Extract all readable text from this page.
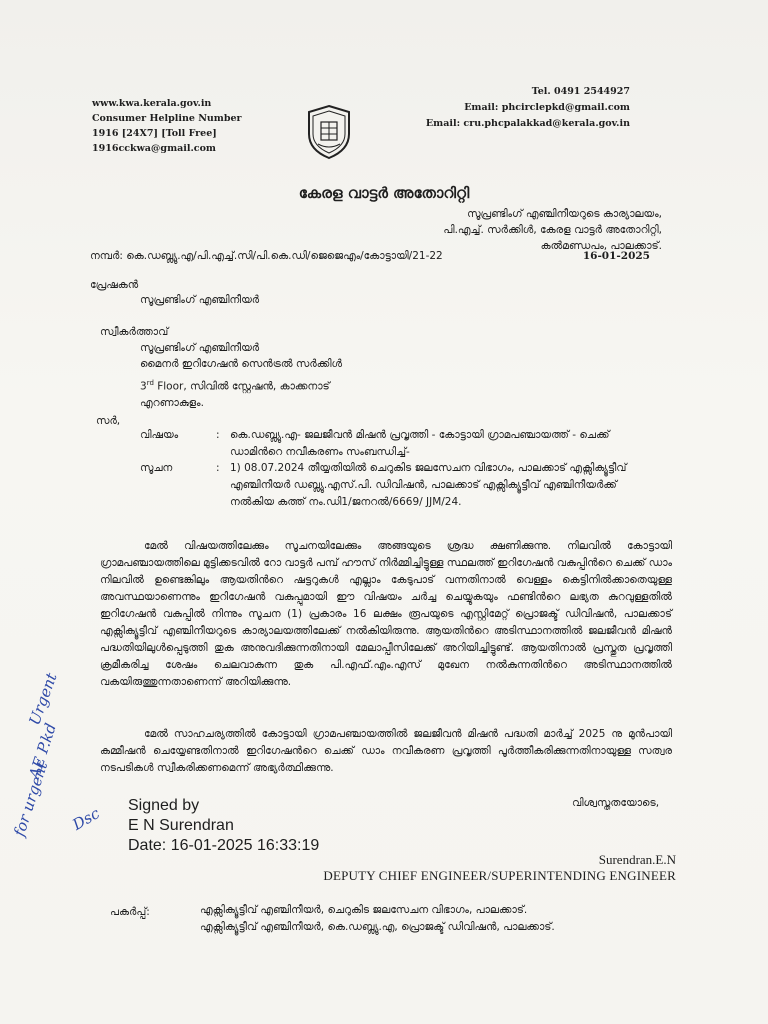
www.kwa.kerala.gov.in
Consumer Helpline Number
1916 [24X7] [Toll Free]
1916cckwa@gmail.com
Tel. 0491 2544927
Email: phcirclepkd@gmail.com
Email: cru.phcpalakkad@kerala.gov.in
കേരള വാട്ടർ അതോറിറ്റി
സൂപ്രണ്ടിംഗ് എഞ്ചിനീയറുടെ കാര്യാലയം,
പി.എച്ച്. സർക്കിൾ, കേരള വാട്ടർ അതോറിറ്റി,
കൽമണ്ഡപം, പാലക്കാട്.
നമ്പർ: കെ.ഡബ്ല്യു.എ/പി.എച്ച്.സി/പി.കെ.ഡി/ജെജെഎം/കോട്ടായി/21-22	16-01-2025
പ്രേഷകൻ
സൂപ്രണ്ടിംഗ് എഞ്ചിനീയർ
സ്വീകർത്താവ്
സൂപ്രണ്ടിംഗ് എഞ്ചിനീയർ
മൈനർ ഇറിഗേഷൻ സെൻട്രൽ സർക്കിൾ
3rd Floor, സിവിൽ സ്റ്റേഷൻ, കാക്കനാട്
എറണാകുളം.
സർ,
വിഷയം	: കെ.ഡബ്ല്യു.എ- ജലജീവൻ മിഷൻ പ്രവൃത്തി - കോട്ടായി ഗ്രാമപഞ്ചായത്ത് - ചെക്ക് ഡാമിൻറെ നവീകരണം സംബന്ധിച്ച്-
സൂചന	: 1) 08.07.2024 തീയ്യതിയിൽ ചെറുകിട ജലസേചന വിഭാഗം, പാലക്കാട് എക്സിക്യൂട്ടീവ് എഞ്ചിനീയർ ഡബ്ല്യു.എസ്.പി. ഡിവിഷൻ, പാലക്കാട് എക്സിക്യൂട്ടീവ് എഞ്ചിനീയർക്ക് നൽകിയ കത്ത് നം.ഡി1/ജനറൽ/6669/ JJM/24.
മേൽ വിഷയത്തിലേക്കും സൂചനയിലേക്കും അങ്ങയുടെ ശ്രദ്ധ ക്ഷണിക്കുന്നു. നിലവിൽ കോട്ടായി ഗ്രാമപഞ്ചായത്തിലെ മുട്ടിക്കടവിൽ റോ വാട്ടർ പമ്പ് ഹൗസ് നിർമ്മിച്ചിട്ടുള്ള സ്ഥലത്ത് ഇറിഗേഷൻ വകുപ്പിൻറെ ചെക്ക് ഡാം നിലവിൽ ഉണ്ടെങ്കിലും ആയതിൻറെ ഷട്ടറുകൾ എല്ലാം കേടുപാട് വന്നതിനാൽ വെള്ളം കെട്ടിനിൽക്കാതെയുള്ള അവസ്ഥയാണെന്നും ഇറിഗേഷൻ വകുപ്പുമായി ഈ വിഷയം ചർച്ച ചെയ്യുകയും ഫണ്ടിൻറെ ലഭ്യത കുറവുള്ളതിൽ ഇറിഗേഷൻ വകുപ്പിൽ നിന്നും സൂചന (1) പ്രകാരം 16 ലക്ഷം രൂപയുടെ എസ്റ്റിമേറ്റ് പ്രൊജക്ട് ഡിവിഷൻ, പാലക്കാട് എക്സിക്യൂട്ടീവ് എഞ്ചിനീയറുടെ കാര്യാലയത്തിലേക്ക് നൽകിയിരുന്നു. ആയതിൻറെ അടിസ്ഥാനത്തിൽ ജലജീവൻ മിഷൻ പദ്ധതിയിലുൾപ്പെടുത്തി തുക അനുവദിക്കുന്നതിനായി മേലാപ്പീസിലേക്ക് അറിയിച്ചിട്ടുണ്ട്. ആയതിനാൽ പ്രസ്തുത പ്രവൃത്തി ക്രമീകരിച്ച ശേഷം ചെലവാകുന്ന തുക പി.എഫ്.എം.എസ് മുഖേന നൽകുന്നതിൻറെ അടിസ്ഥാനത്തിൽ വകയിരുത്തുന്നതാണെന്ന് അറിയിക്കുന്നു.
മേൽ സാഹചര്യത്തിൽ കോട്ടായി ഗ്രാമപഞ്ചായത്തിൽ ജലജീവൻ മിഷൻ പദ്ധതി മാർച്ച് 2025 നു മുൻപായി കമ്മീഷൻ ചെയ്യേണ്ടതിനാൽ ഇറിഗേഷൻറെ ചെക്ക് ഡാം നവീകരണ പ്രവൃത്തി പൂർത്തീകരിക്കുന്നതിനായുള്ള സത്വര നടപടികൾ സ്വീകരിക്കണമെന്ന് അഭ്യർത്ഥിക്കുന്നു.
Urgent
AE P.kd
for urgent Dsc Signed by
E N Surendran
Date: 16-01-2025 16:33:19
വിശ്വസ്തതയോടെ,
Surendran.E.N
DEPUTY CHIEF ENGINEER/SUPERINTENDING ENGINEER
പകർപ്പ്:	എക്സിക്യൂട്ടീവ് എഞ്ചിനീയർ, ചെറുകിട ജലസേചന വിഭാഗം, പാലക്കാട്.
എക്സിക്യൂട്ടീവ് എഞ്ചിനീയർ, കെ.ഡബ്ല്യു.എ, പ്രൊജക്ട് ഡിവിഷൻ, പാലക്കാട്.
